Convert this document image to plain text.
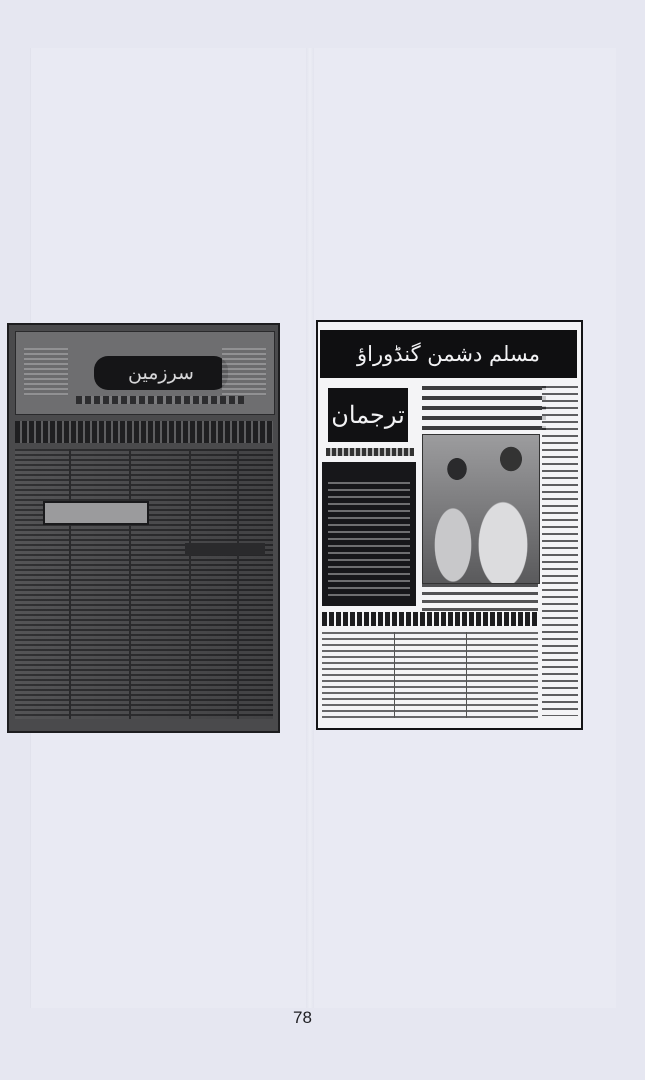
سرزمین
مسلم دشمن گنڈوراؤ
ترجمان
78
